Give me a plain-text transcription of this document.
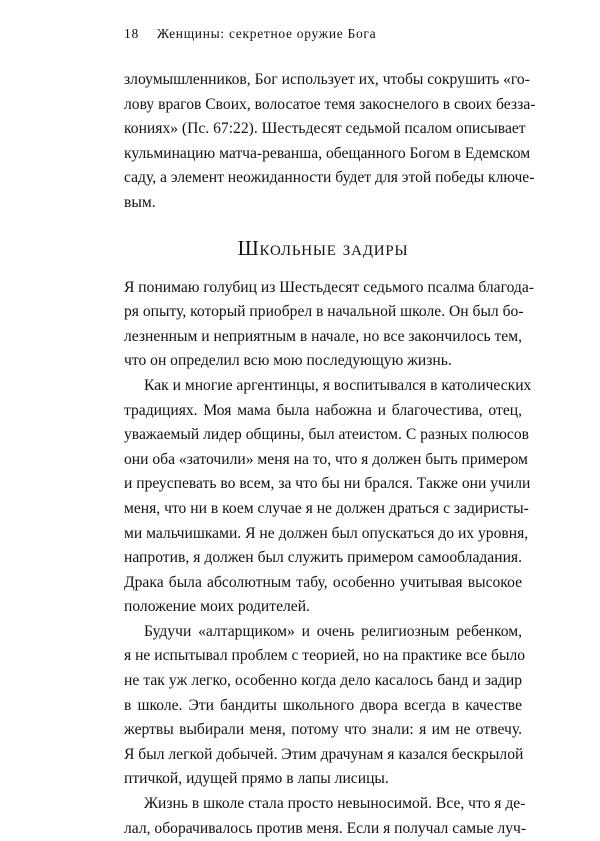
18 Женщины: секретное оружие Бога
злоумышленников, Бог использует их, чтобы сокрушить «го-
лову врагов Своих, волосатое темя закоснелого в своих безза-
кониях» (Пс. 67:22). Шестьдесят седьмой псалом описывает
кульминацию матча-реванша, обещанного Богом в Едемском
саду, а элемент неожиданности будет для этой победы ключе-
вым.
Школьные задиры
Я понимаю голубиц из Шестьдесят седьмого псалма благода-
ря опыту, который приобрел в начальной школе. Он был бо-
лезненным и неприятным в начале, но все закончилось тем,
что он определил всю мою последующую жизнь.
Как и многие аргентинцы, я воспитывался в католических
традициях. Моя мама была набожна и благочестива, отец,
уважаемый лидер общины, был атеистом. С разных полюсов
они оба «заточили» меня на то, что я должен быть примером
и преуспевать во всем, за что бы ни брался. Также они учили
меня, что ни в коем случае я не должен драться с задиристы-
ми мальчишками. Я не должен был опускаться до их уровня,
напротив, я должен был служить примером самообладания.
Драка была абсолютным табу, особенно учитывая высокое
положение моих родителей.
Будучи «алтарщиком» и очень религиозным ребенком,
я не испытывал проблем с теорией, но на практике все было
не так уж легко, особенно когда дело касалось банд и задир
в школе. Эти бандиты школьного двора всегда в качестве
жертвы выбирали меня, потому что знали: я им не отвечу.
Я был легкой добычей. Этим драчунам я казался бескрылой
птичкой, идущей прямо в лапы лисицы.
Жизнь в школе стала просто невыносимой. Все, что я де-
лал, оборачивалось против меня. Если я получал самые луч-
